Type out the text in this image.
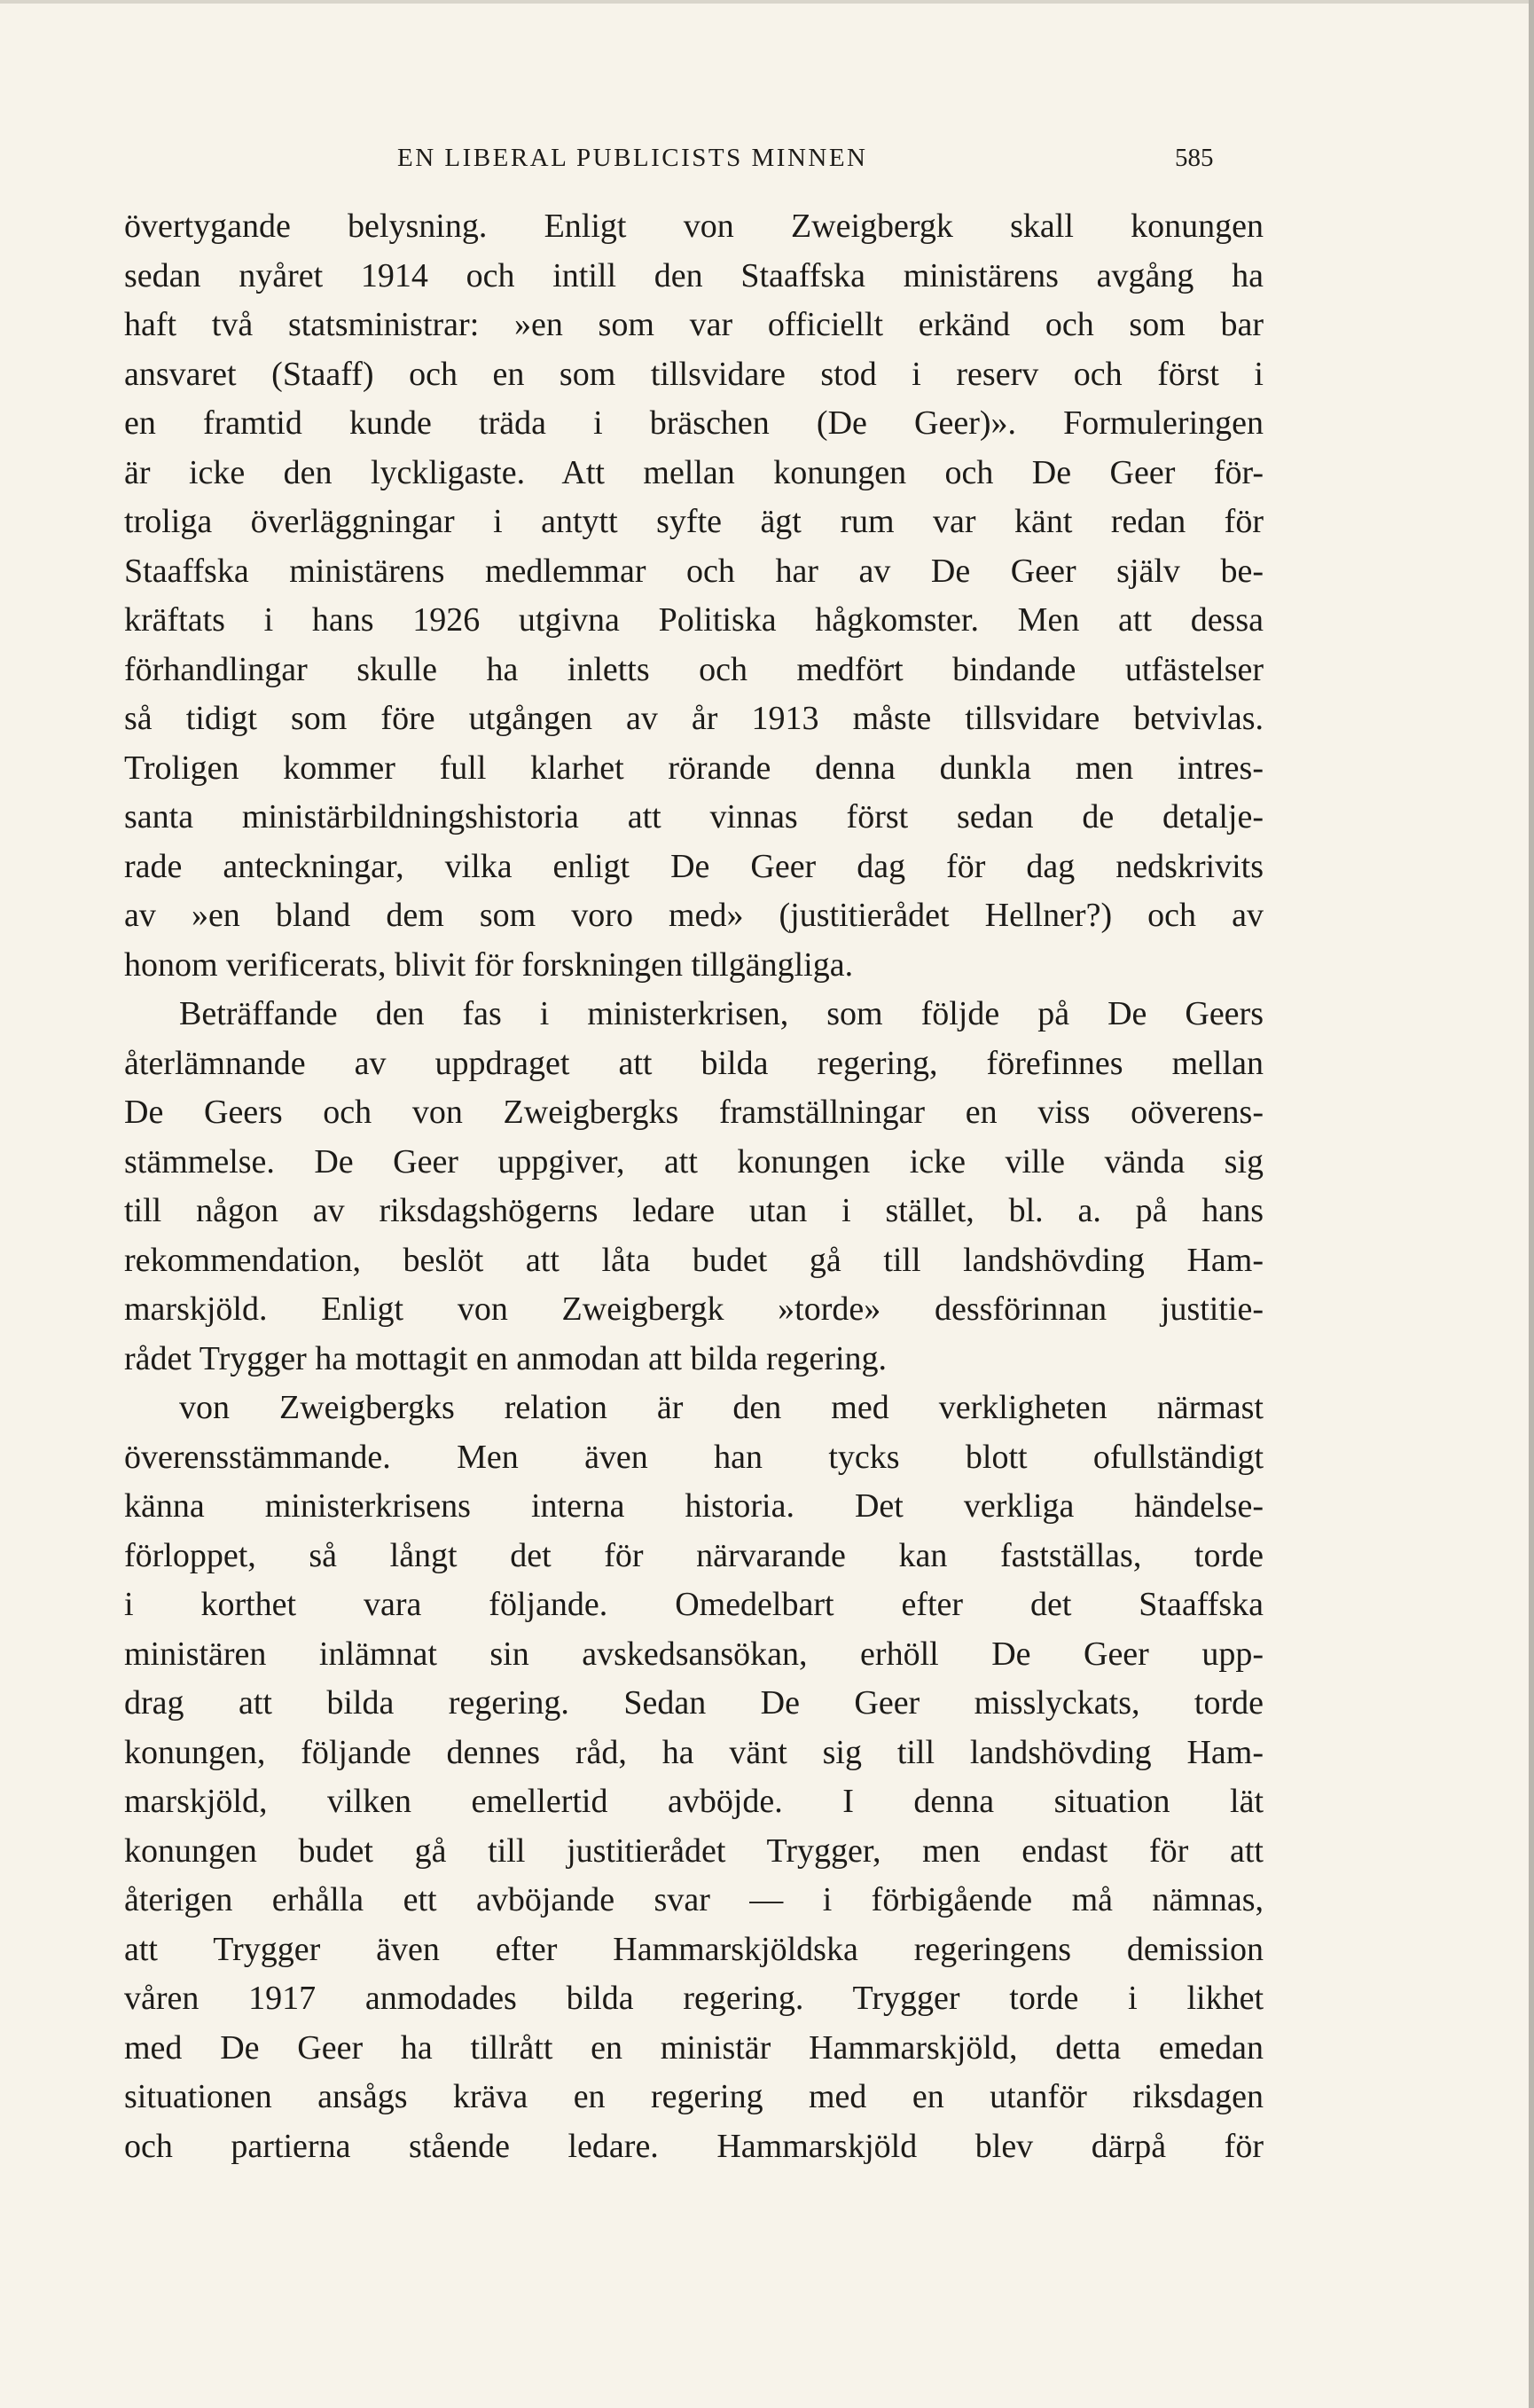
EN LIBERAL PUBLICISTS MINNEN	585
övertygande belysning. Enligt von Zweigbergk skall konungen
sedan nyåret 1914 och intill den Staaffska ministärens avgång ha
haft två statsministrar: »en som var officiellt erkänd och som bar
ansvaret (Staaff) och en som tillsvidare stod i reserv och först i
en framtid kunde träda i bräschen (De Geer)». Formuleringen
är icke den lyckligaste. Att mellan konungen och De Geer för-
troliga överläggningar i antytt syfte ägt rum var känt redan för
Staaffska ministärens medlemmar och har av De Geer själv be-
kräftats i hans 1926 utgivna Politiska hågkomster. Men att dessa
förhandlingar skulle ha inletts och medfört bindande utfästelser
så tidigt som före utgången av år 1913 måste tillsvidare betvivlas.
Troligen kommer full klarhet rörande denna dunkla men intres-
santa ministärbildningshistoria att vinnas först sedan de detalje-
rade anteckningar, vilka enligt De Geer dag för dag nedskrivits
av »en bland dem som voro med» (justitierådet Hellner?) och av
honom verificerats, blivit för forskningen tillgängliga.
Beträffande den fas i ministerkrisen, som följde på De Geers
återlämnande av uppdraget att bilda regering, förefinnes mellan
De Geers och von Zweigbergks framställningar en viss oöverens-
stämmelse. De Geer uppgiver, att konungen icke ville vända sig
till någon av riksdagshögerns ledare utan i stället, bl. a. på hans
rekommendation, beslöt att låta budet gå till landshövding Ham-
marskjöld. Enligt von Zweigbergk »torde» dessförinnan justitie-
rådet Trygger ha mottagit en anmodan att bilda regering.
von Zweigbergks relation är den med verkligheten närmast
överensstämmande. Men även han tycks blott ofullständigt
känna ministerkrisens interna historia. Det verkliga händelse-
förloppet, så långt det för närvarande kan fastställas, torde
i korthet vara följande. Omedelbart efter det Staaffska
ministären inlämnat sin avskedsansökan, erhöll De Geer upp-
drag att bilda regering. Sedan De Geer misslyckats, torde
konungen, följande dennes råd, ha vänt sig till landshövding Ham-
marskjöld, vilken emellertid avböjde. I denna situation lät
konungen budet gå till justitierådet Trygger, men endast för att
återigen erhålla ett avböjande svar — i förbigående må nämnas,
att Trygger även efter Hammarskjöldska regeringens demission
våren 1917 anmodades bilda regering. Trygger torde i likhet
med De Geer ha tillrått en ministär Hammarskjöld, detta emedan
situationen ansågs kräva en regering med en utanför riksdagen
och partierna stående ledare. Hammarskjöld blev därpå för
